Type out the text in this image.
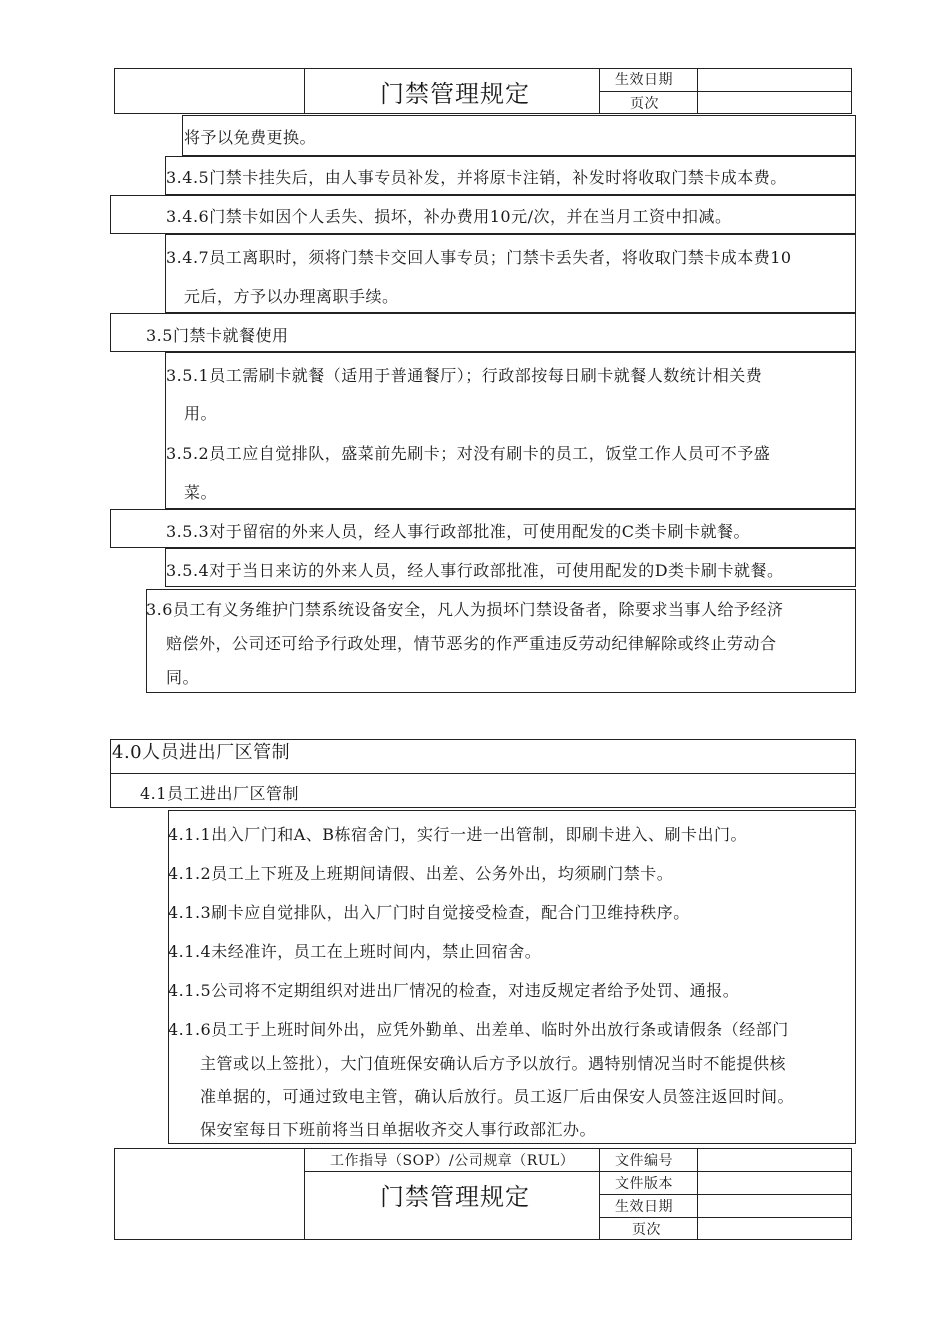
门禁管理规定	生效日期
页次
将予以免费更换。
3.4.5门禁卡挂失后，由人事专员补发，并将原卡注销，补发时将收取门禁卡成本费。
3.4.6门禁卡如因个人丢失、损坏，补办费用10元/次，并在当月工资中扣减。
3.4.7员工离职时，须将门禁卡交回人事专员；门禁卡丢失者，将收取门禁卡成本费10
元后，方予以办理离职手续。
3.5门禁卡就餐使用
3.5.1员工需刷卡就餐（适用于普通餐厅）；行政部按每日刷卡就餐人数统计相关费
用。
3.5.2员工应自觉排队，盛菜前先刷卡；对没有刷卡的员工，饭堂工作人员可不予盛
菜。
3.5.3对于留宿的外来人员，经人事行政部批准，可使用配发的C类卡刷卡就餐。
3.5.4对于当日来访的外来人员，经人事行政部批准，可使用配发的D类卡刷卡就餐。
3.6员工有义务维护门禁系统设备安全，凡人为损坏门禁设备者，除要求当事人给予经济
赔偿外，公司还可给予行政处理，情节恶劣的作严重违反劳动纪律解除或终止劳动合
同。
4.0人员进出厂区管制
4.1员工进出厂区管制
4.1.1出入厂门和A、B栋宿舍门，实行一进一出管制，即刷卡进入、刷卡出门。
4.1.2员工上下班及上班期间请假、出差、公务外出，均须刷门禁卡。
4.1.3刷卡应自觉排队，出入厂门时自觉接受检查，配合门卫维持秩序。
4.1.4未经准许，员工在上班时间内，禁止回宿舍。
4.1.5公司将不定期组织对进出厂情况的检查，对违反规定者给予处罚、通报。
4.1.6员工于上班时间外出，应凭外勤单、出差单、临时外出放行条或请假条（经部门
主管或以上签批），大门值班保安确认后方予以放行。遇特别情况当时不能提供核
准单据的，可通过致电主管，确认后放行。员工返厂后由保安人员签注返回时间。
保安室每日下班前将当日单据收齐交人事行政部汇办。
工作指导（SOP）/公司规章（RUL）
门禁管理规定
文件编号
文件版本
生效日期
页次
